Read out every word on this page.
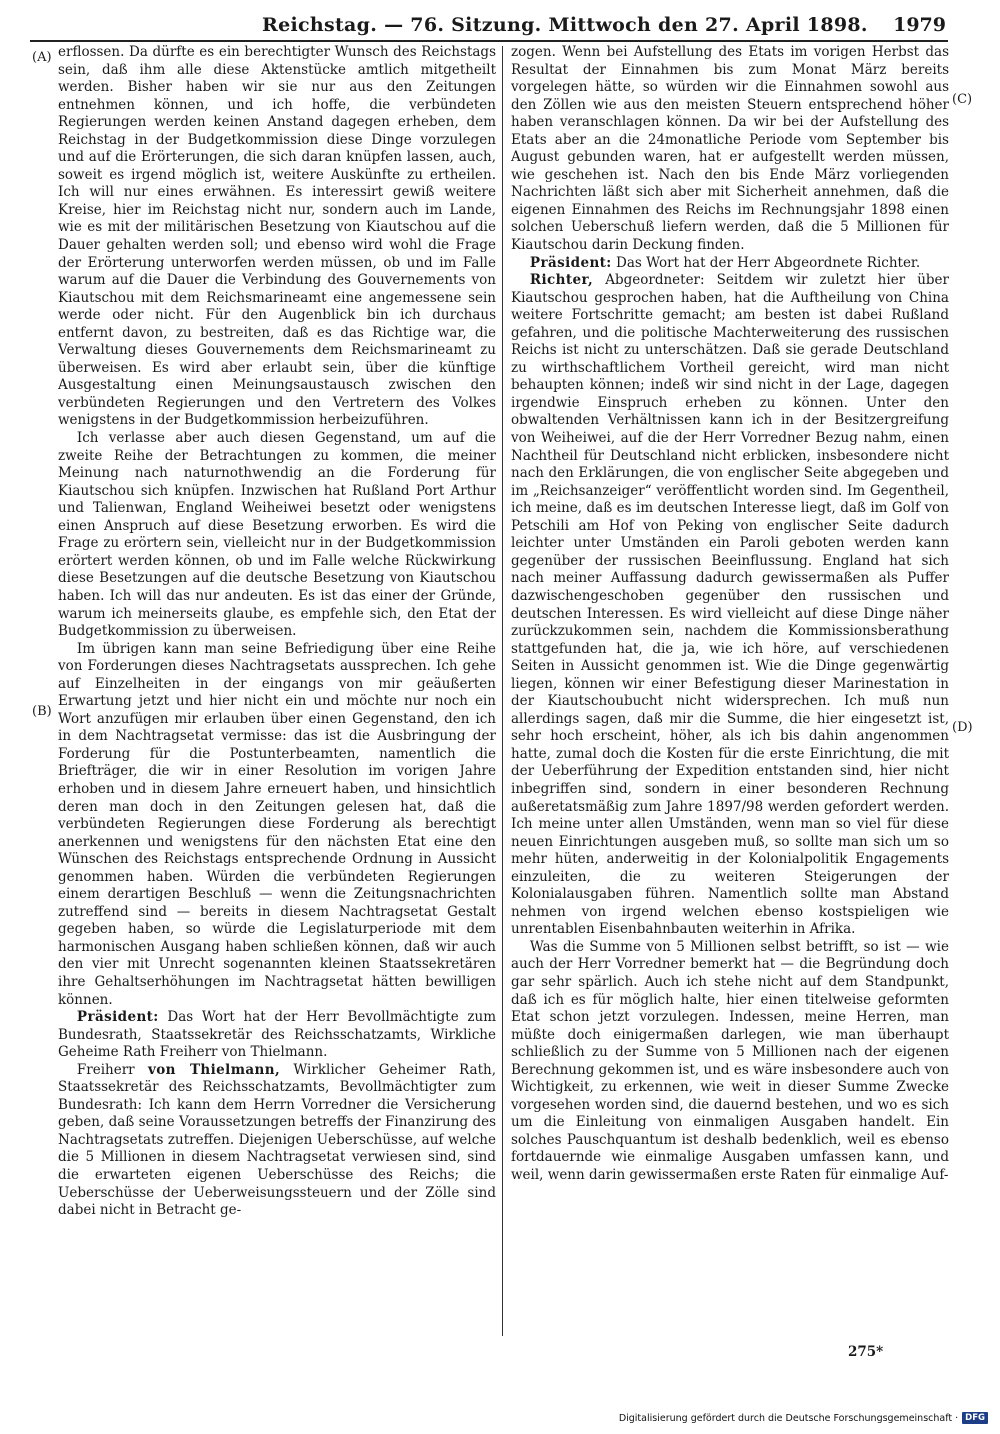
Reichstag. — 76. Sitzung. Mittwoch den 27. April 1898. 1979
(A)
(B)
(C)
(D)

erflossen. Da dürfte es ein berechtigter Wunsch des Reichstags sein, daß ihm alle diese Aktenstücke amtlich mitgetheilt werden. Bisher haben wir sie nur aus den Zeitungen entnehmen können, und ich hoffe, die verbündeten Regierungen werden keinen Anstand dagegen erheben, dem Reichstag in der Budgetkommission diese Dinge vorzulegen und auf die Erörterungen, die sich daran knüpfen lassen, auch, soweit es irgend möglich ist, weitere Auskünfte zu ertheilen. Ich will nur eines erwähnen. Es interessirt gewiß weitere Kreise, hier im Reichstag nicht nur, sondern auch im Lande, wie es mit der militärischen Besetzung von Kiautschou auf die Dauer gehalten werden soll; und ebenso wird wohl die Frage der Erörterung unterworfen werden müssen, ob und im Falle warum auf die Dauer die Verbindung des Gouvernements von Kiautschou mit dem Reichsmarineamt eine angemessene sein werde oder nicht. Für den Augenblick bin ich durchaus entfernt davon, zu bestreiten, daß es das Richtige war, die Verwaltung dieses Gouvernements dem Reichsmarineamt zu überweisen. Es wird aber erlaubt sein, über die künftige Ausgestaltung einen Meinungsaustausch zwischen den verbündeten Regierungen und den Vertretern des Volkes wenigstens in der Budgetkommission herbeizuführen.

Ich verlasse aber auch diesen Gegenstand, um auf die zweite Reihe der Betrachtungen zu kommen, die meiner Meinung nach naturnothwendig an die Forderung für Kiautschou sich knüpfen. Inzwischen hat Rußland Port Arthur und Talienwan, England Weiheiwei besetzt oder wenigstens einen Anspruch auf diese Besetzung erworben. Es wird die Frage zu erörtern sein, vielleicht nur in der Budgetkommission erörtert werden können, ob und im Falle welche Rückwirkung diese Besetzungen auf die deutsche Besetzung von Kiautschou haben. Ich will das nur andeuten. Es ist das einer der Gründe, warum ich meinerseits glaube, es empfehle sich, den Etat der Budgetkommission zu überweisen.

Im übrigen kann man seine Befriedigung über eine Reihe von Forderungen dieses Nachtragsetats aussprechen. Ich gehe auf Einzelheiten in der eingangs von mir geäußerten Erwartung jetzt und hier nicht ein und möchte nur noch ein Wort anzufügen mir erlauben über einen Gegenstand, den ich in dem Nachtragsetat vermisse: das ist die Ausbringung der Forderung für die Postunterbeamten, namentlich die Briefträger, die wir in einer Resolution im vorigen Jahre erhoben und in diesem Jahre erneuert haben, und hinsichtlich deren man doch in den Zeitungen gelesen hat, daß die verbündeten Regierungen diese Forderung als berechtigt anerkennen und wenigstens für den nächsten Etat eine den Wünschen des Reichstags entsprechende Ordnung in Aussicht genommen haben. Würden die verbündeten Regierungen einem derartigen Beschluß — wenn die Zeitungsnachrichten zutreffend sind — bereits in diesem Nachtragsetat Gestalt gegeben haben, so würde die Legislaturperiode mit dem harmonischen Ausgang haben schließen können, daß wir auch den vier mit Unrecht sogenannten kleinen Staatssekretären ihre Gehaltserhöhungen im Nachtragsetat hätten bewilligen können.

Präsident: Das Wort hat der Herr Bevollmächtigte zum Bundesrath, Staatssekretär des Reichsschatzamts, Wirkliche Geheime Rath Freiherr von Thielmann.

Freiherr von Thielmann, Wirklicher Geheimer Rath, Staatssekretär des Reichsschatzamts, Bevollmächtigter zum Bundesrath: Ich kann dem Herrn Vorredner die Versicherung geben, daß seine Voraussetzungen betreffs der Finanzirung des Nachtragsetats zutreffen. Diejenigen Ueberschüsse, auf welche die 5 Millionen in diesem Nachtragsetat verwiesen sind, sind die erwarteten eigenen Ueberschüsse des Reichs; die Ueberschüsse der Ueberweisungssteuern und der Zölle sind dabei nicht in Betracht ge-

zogen. Wenn bei Aufstellung des Etats im vorigen Herbst das Resultat der Einnahmen bis zum Monat März bereits vorgelegen hätte, so würden wir die Einnahmen sowohl aus den Zöllen wie aus den meisten Steuern entsprechend höher haben veranschlagen können. Da wir bei der Aufstellung des Etats aber an die 24monatliche Periode vom September bis August gebunden waren, hat er aufgestellt werden müssen, wie geschehen ist. Nach den bis Ende März vorliegenden Nachrichten läßt sich aber mit Sicherheit annehmen, daß die eigenen Einnahmen des Reichs im Rechnungsjahr 1898 einen solchen Ueberschuß liefern werden, daß die 5 Millionen für Kiautschou darin Deckung finden.

Präsident: Das Wort hat der Herr Abgeordnete Richter.

Richter, Abgeordneter: Seitdem wir zuletzt hier über Kiautschou gesprochen haben, hat die Auftheilung von China weitere Fortschritte gemacht; am besten ist dabei Rußland gefahren, und die politische Machterweiterung des russischen Reichs ist nicht zu unterschätzen. Daß sie gerade Deutschland zu wirthschaftlichem Vortheil gereicht, wird man nicht behaupten können; indeß wir sind nicht in der Lage, dagegen irgendwie Einspruch erheben zu können. Unter den obwaltenden Verhältnissen kann ich in der Besitzergreifung von Weiheiwei, auf die der Herr Vorredner Bezug nahm, einen Nachtheil für Deutschland nicht erblicken, insbesondere nicht nach den Erklärungen, die von englischer Seite abgegeben und im „Reichsanzeiger“ veröffentlicht worden sind. Im Gegentheil, ich meine, daß es im deutschen Interesse liegt, daß im Golf von Petschili am Hof von Peking von englischer Seite dadurch leichter unter Umständen ein Paroli geboten werden kann gegenüber der russischen Beeinflussung. England hat sich nach meiner Auffassung dadurch gewissermaßen als Puffer dazwischengeschoben gegenüber den russischen und deutschen Interessen. Es wird vielleicht auf diese Dinge näher zurückzukommen sein, nachdem die Kommissionsberathung stattgefunden hat, die ja, wie ich höre, auf verschiedenen Seiten in Aussicht genommen ist. Wie die Dinge gegenwärtig liegen, können wir einer Befestigung dieser Marinestation in der Kiautschoubucht nicht widersprechen. Ich muß nun allerdings sagen, daß mir die Summe, die hier eingesetzt ist, sehr hoch erscheint, höher, als ich bis dahin angenommen hatte, zumal doch die Kosten für die erste Einrichtung, die mit der Ueberführung der Expedition entstanden sind, hier nicht inbegriffen sind, sondern in einer besonderen Rechnung außeretatsmäßig zum Jahre 1897/98 werden gefordert werden. Ich meine unter allen Umständen, wenn man so viel für diese neuen Einrichtungen ausgeben muß, so sollte man sich um so mehr hüten, anderweitig in der Kolonialpolitik Engagements einzuleiten, die zu weiteren Steigerungen der Kolonialausgaben führen. Namentlich sollte man Abstand nehmen von irgend welchen ebenso kostspieligen wie unrentablen Eisenbahnbauten weiterhin in Afrika.

Was die Summe von 5 Millionen selbst betrifft, so ist — wie auch der Herr Vorredner bemerkt hat — die Begründung doch gar sehr spärlich. Auch ich stehe nicht auf dem Standpunkt, daß ich es für möglich halte, hier einen titelweise geformten Etat schon jetzt vorzulegen. Indessen, meine Herren, man müßte doch einigermaßen darlegen, wie man überhaupt schließlich zu der Summe von 5 Millionen nach der eigenen Berechnung gekommen ist, und es wäre insbesondere auch von Wichtigkeit, zu erkennen, wie weit in dieser Summe Zwecke vorgesehen worden sind, die dauernd bestehen, und wo es sich um die Einleitung von einmaligen Ausgaben handelt. Ein solches Pauschquantum ist deshalb bedenklich, weil es ebenso fortdauernde wie einmalige Ausgaben umfassen kann, und weil, wenn darin gewissermaßen erste Raten für einmalige Auf-

275*
Digitalisierung gefördert durch die Deutsche Forschungsgemeinschaft · DFG
